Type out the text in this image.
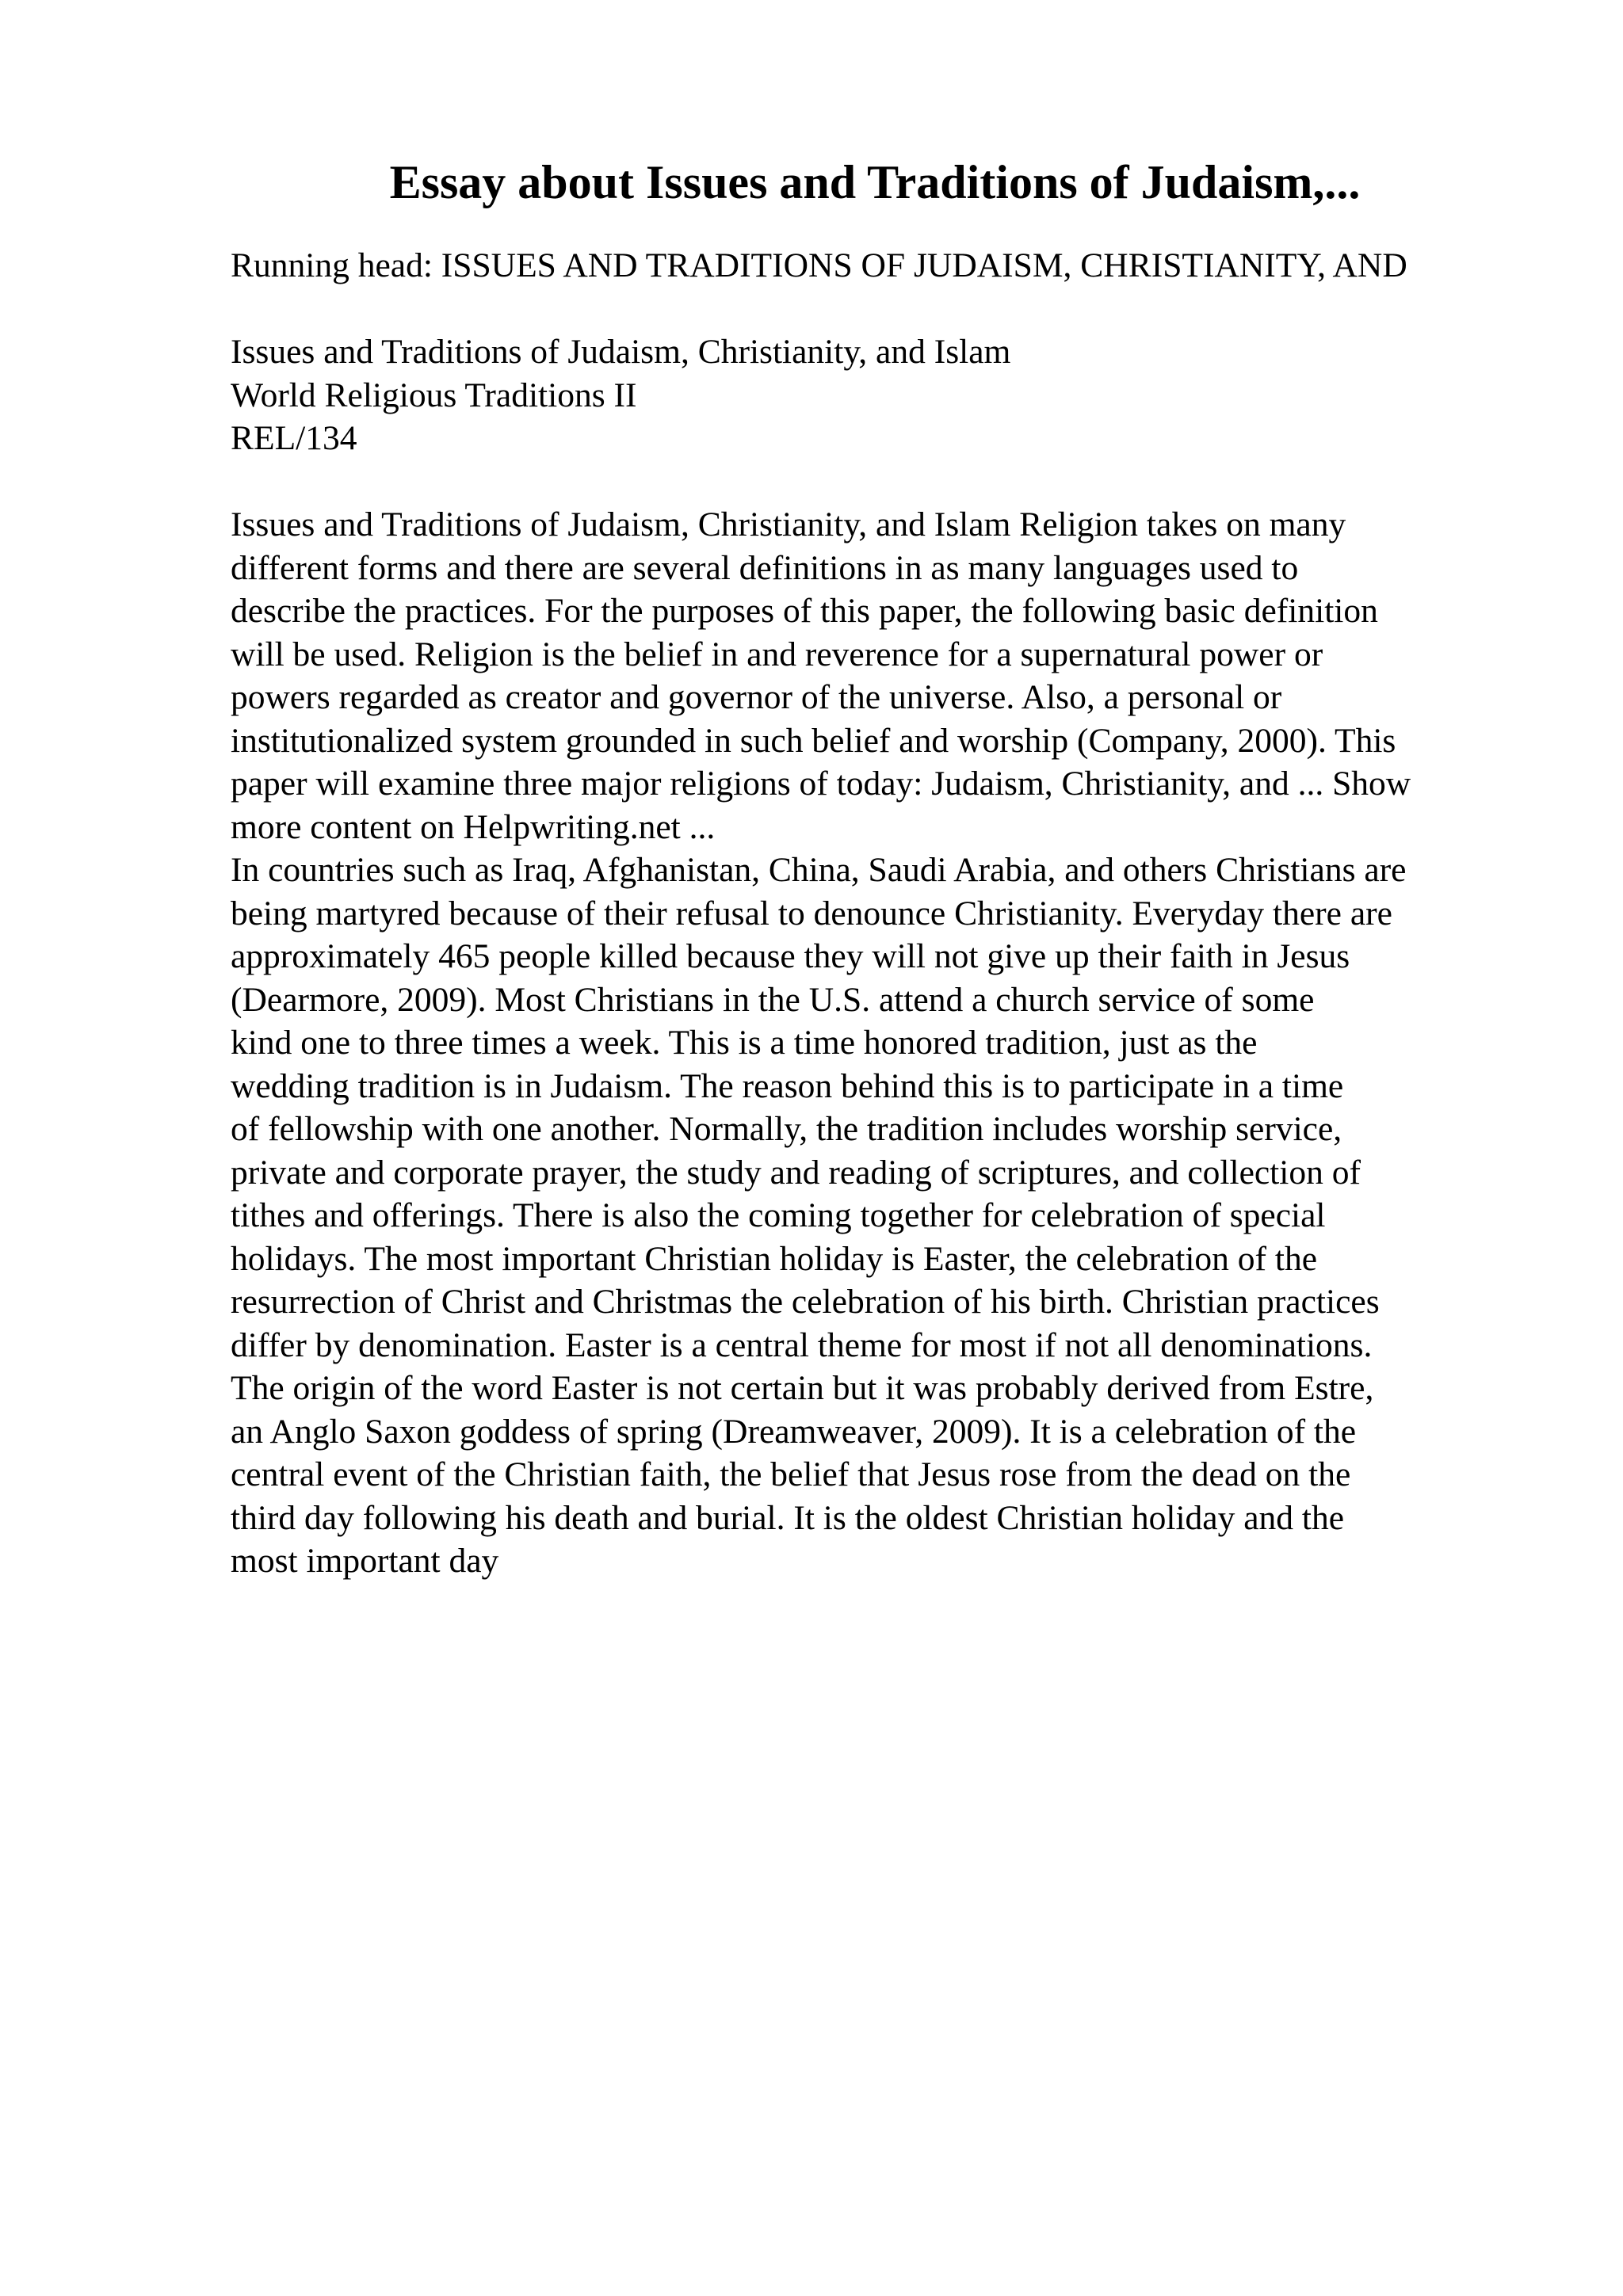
Essay about Issues and Traditions of Judaism,...
Running head: ISSUES AND TRADITIONS OF JUDAISM, CHRISTIANITY, AND
Issues and Traditions of Judaism, Christianity, and Islam
World Religious Traditions II
REL/134
Issues and Traditions of Judaism, Christianity, and Islam Religion takes on many
different forms and there are several definitions in as many languages used to
describe the practices. For the purposes of this paper, the following basic definition
will be used. Religion is the belief in and reverence for a supernatural power or
powers regarded as creator and governor of the universe. Also, a personal or
institutionalized system grounded in such belief and worship (Company, 2000). This
paper will examine three major religions of today: Judaism, Christianity, and ... Show
more content on Helpwriting.net ...
In countries such as Iraq, Afghanistan, China, Saudi Arabia, and others Christians are
being martyred because of their refusal to denounce Christianity. Everyday there are
approximately 465 people killed because they will not give up their faith in Jesus
(Dearmore, 2009). Most Christians in the U.S. attend a church service of some
kind one to three times a week. This is a time honored tradition, just as the
wedding tradition is in Judaism. The reason behind this is to participate in a time
of fellowship with one another. Normally, the tradition includes worship service,
private and corporate prayer, the study and reading of scriptures, and collection of
tithes and offerings. There is also the coming together for celebration of special
holidays. The most important Christian holiday is Easter, the celebration of the
resurrection of Christ and Christmas the celebration of his birth. Christian practices
differ by denomination. Easter is a central theme for most if not all denominations.
The origin of the word Easter is not certain but it was probably derived from Estre,
an Anglo Saxon goddess of spring (Dreamweaver, 2009). It is a celebration of the
central event of the Christian faith, the belief that Jesus rose from the dead on the
third day following his death and burial. It is the oldest Christian holiday and the
most important day
